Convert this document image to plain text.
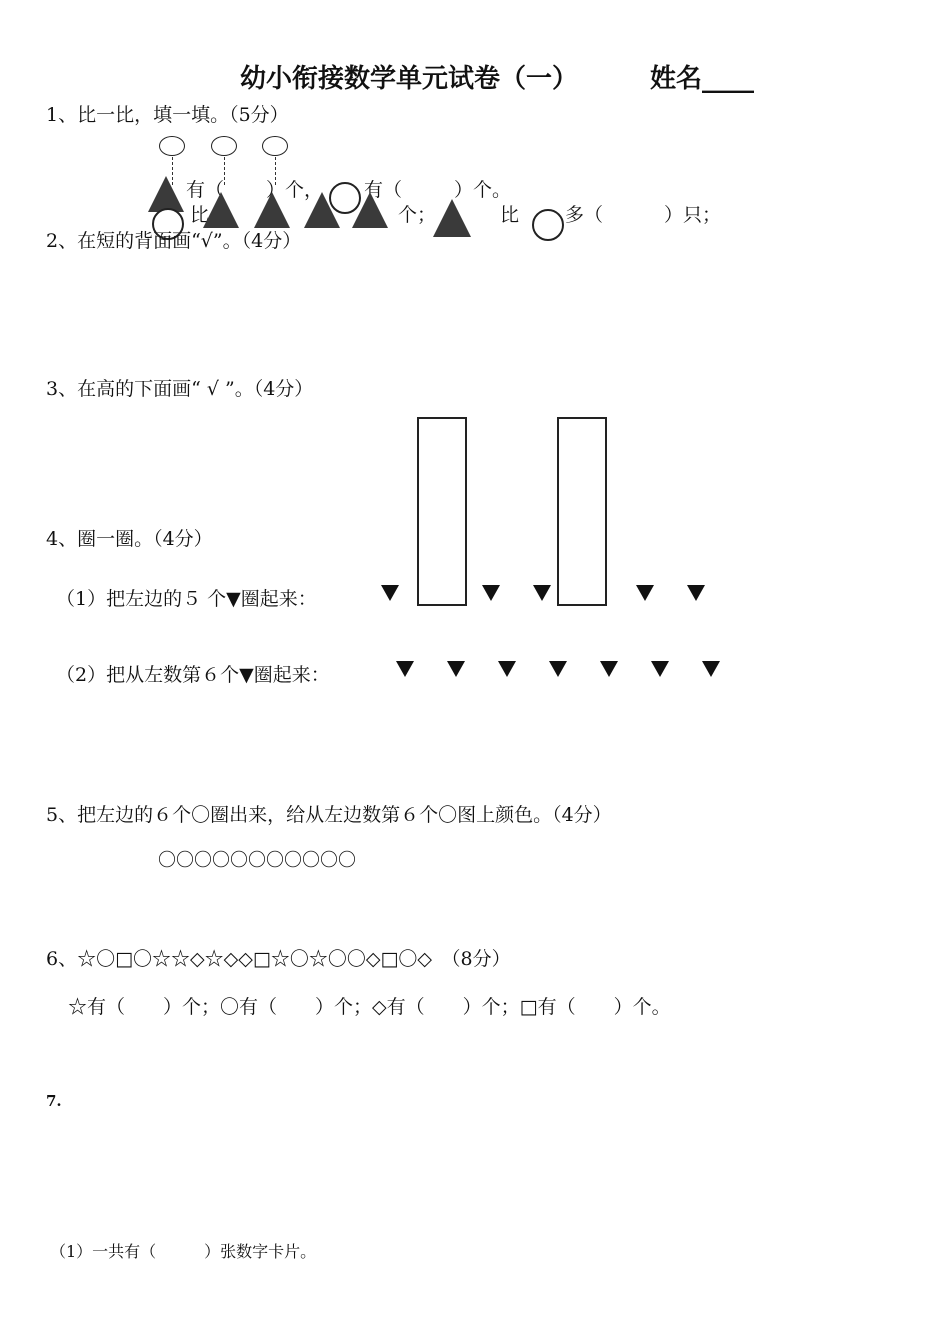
幼小衔接数学单元试卷（一）	姓名____
1、比一比，填一填。（5分）
有（ ）个， 有（	）个。
比	个；	比 多（	）只；
2、在短的背面画“√”。（4分）
3、在高的下面画“ √ ”。（4分）
4、圈一圈。（4分）
（1）把左边的５ 个▼圈起来：
（2）把从左数第６个▼圈起来：
5、把左边的６个〇圈出来，给从左边数第６个〇图上颜色。（4分）
〇〇〇〇〇〇〇〇〇〇〇
6、☆〇□〇☆☆◇☆◇◇□☆〇☆〇〇◇□〇◇　（8分）
☆有（　　）个；〇有（　　）个；◇有（　　）个；□有（　　）个。
7.
（1）一共有（　　　）张数字卡片。
